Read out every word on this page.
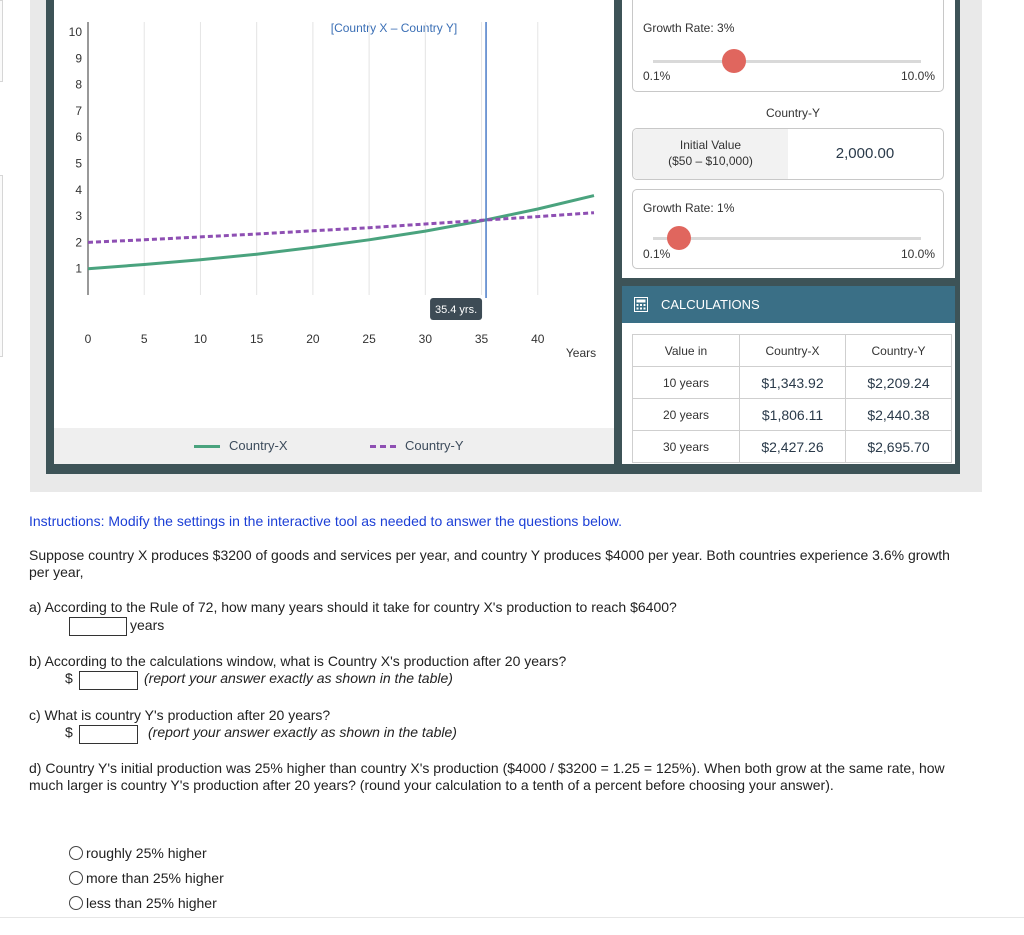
[Country X – Country Y]
0	5	10	15	20	25	30	35	40
1
2
3
4
5
6
7
8
9
10
35.4 yrs.
Years
Country-X	Country-Y
Growth Rate: 3%
0.1%	10.0%
Country-Y
Initial Value
($50 – $10,000)	2,000.00
Growth Rate: 1%
0.1%	10.0%
CALCULATIONS
Value in	Country-X	Country-Y
10 years	$1,343.92	$2,209.24
20 years	$1,806.11	$2,440.38
30 years	$2,427.26	$2,695.70
Instructions: Modify the settings in the interactive tool as needed to answer the questions below.
Suppose country X produces $3200 of goods and services per year, and country Y produces $4000 per year. Both countries experience 3.6% growth per year,
a) According to the Rule of 72, how many years should it take for country X's production to reach $6400?
years
b) According to the calculations window, what is Country X's production after 20 years?
$	(report your answer exactly as shown in the table)
c) What is country Y's production after 20 years?
$	(report your answer exactly as shown in the table)
d) Country Y's initial production was 25% higher than country X's production ($4000 / $3200 = 1.25 = 125%). When both grow at the same rate, how much larger is country Y's production after 20 years? (round your calculation to a tenth of a percent before choosing your answer).
roughly 25% higher
more than 25% higher
less than 25% higher
